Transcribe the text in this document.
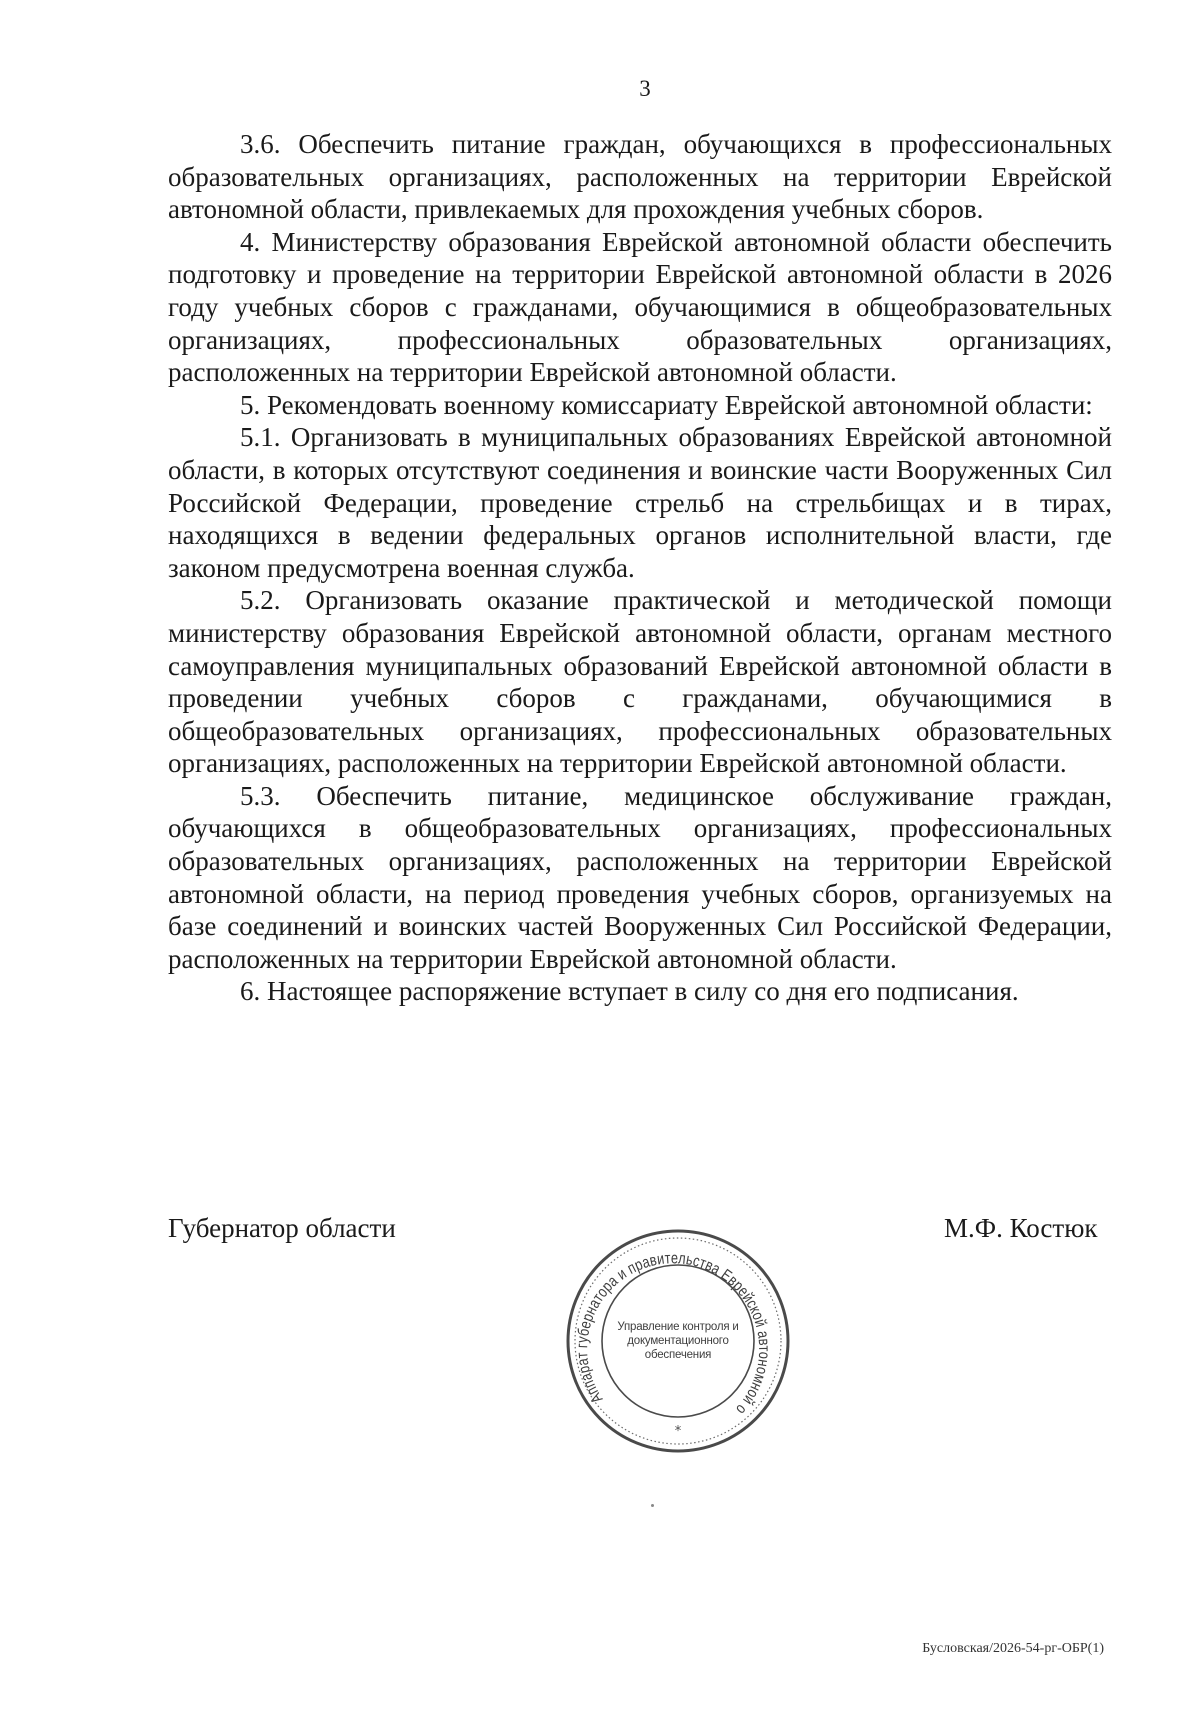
3

3.6. Обеспечить питание граждан, обучающихся в профессиональных образовательных организациях, расположенных на территории Еврейской автономной области, привлекаемых для прохождения учебных сборов.

4. Министерству образования Еврейской автономной области обеспечить подготовку и проведение на территории Еврейской автономной области в 2026 году учебных сборов с гражданами, обучающимися в общеобразовательных организациях, профессиональных образовательных организациях, расположенных на территории Еврейской автономной области.

5. Рекомендовать военному комиссариату Еврейской автономной области:

5.1. Организовать в муниципальных образованиях Еврейской автономной области, в которых отсутствуют соединения и воинские части Вооруженных Сил Российской Федерации, проведение стрельб на стрельбищах и в тирах, находящихся в ведении федеральных органов исполнительной власти, где законом предусмотрена военная служба.

5.2. Организовать оказание практической и методической помощи министерству образования Еврейской автономной области, органам местного самоуправления муниципальных образований Еврейской автономной области в проведении учебных сборов с гражданами, обучающимися в общеобразовательных организациях, профессиональных образовательных организациях, расположенных на территории Еврейской автономной области.

5.3. Обеспечить питание, медицинское обслуживание граждан, обучающихся в общеобразовательных организациях, профессиональных образовательных организациях, расположенных на территории Еврейской автономной области, на период проведения учебных сборов, организуемых на базе соединений и воинских частей Вооруженных Сил Российской Федерации, расположенных на территории Еврейской автономной области.

6. Настоящее распоряжение вступает в силу со дня его подписания.

Губернатор области	М.Ф. Костюк
Аппарат губернатора и правительства Еврейской автономной о
*
Управление контроля и документационного обеспечения
Бусловская/2026-54-рг-ОБР(1)
